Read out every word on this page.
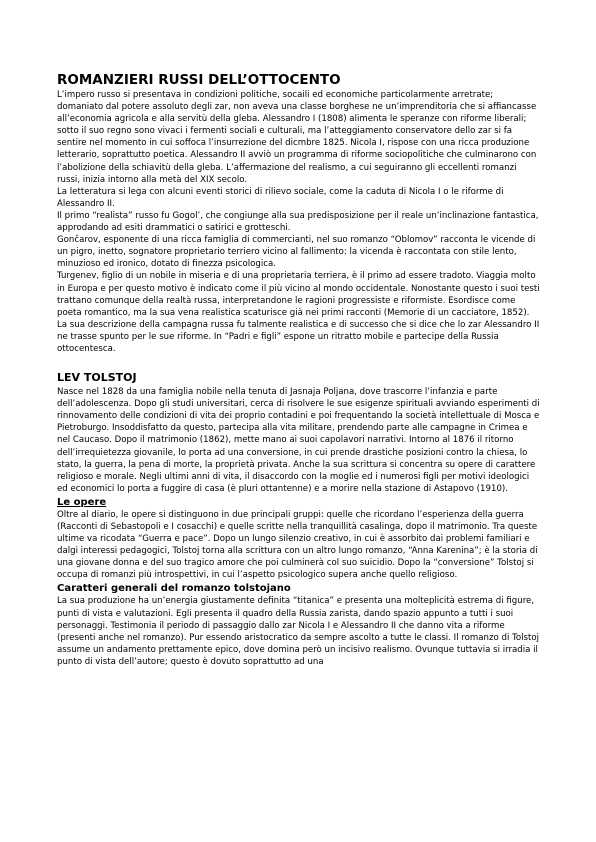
ROMANZIERI RUSSI DELL’OTTOCENTO

L’impero russo si presentava in condizioni politiche, socaili ed economiche particolarmente arretrate; domaniato dal potere assoluto degli zar, non aveva una classe borghese ne un’imprenditoria che si affiancasse all’economia agricola e alla servitù della gleba. Alessandro I (1808) alimenta le speranze con riforme liberali; sotto il suo regno sono vivaci i fermenti sociali e culturali, ma l’atteggiamento conservatore dello zar si fa sentire nel momento in cui soffoca l’insurrezione del dicmbre 1825. Nicola I, rispose con una ricca produzione letterario, soprattutto poetica. Alessandro II avviò un programma di riforme sociopolitiche che culminarono con l’abolizione della schiavitù della gleba. L’affermazione del realismo, a cui seguiranno gli eccellenti romanzi russi, inizia intorno alla metà del XIX secolo.

La letteratura si lega con alcuni eventi storici di rilievo sociale, come la caduta di Nicola I o le riforme di Alessandro II.

Il primo “realista” russo fu Gogol’, che congiunge alla sua predisposizione per il reale un’inclinazione fantastica, approdando ad esiti drammatici o satirici e grotteschi.

Gončarov, esponente di una ricca famiglia di commercianti, nel suo romanzo “Oblomov” racconta le vicende di un pigro, inetto, sognatore proprietario terriero vicino al fallimento: la vicenda è raccontata con stile lento, minuzioso ed ironico, dotato di finezza psicologica.

Turgenev, figlio di un nobile in miseria e di una proprietaria terriera, è il primo ad essere tradoto. Viaggia molto in Europa e per questo motivo è indicato come il più vicino al mondo occidentale. Nonostante questo i suoi testi trattano comunque della realtà russa, interpretandone le ragioni progressiste e riformiste. Esordisce come poeta romantico, ma la sua vena realistica scaturisce già nei primi racconti (Memorie di un cacciatore, 1852). La sua descrizione della campagna russa fu talmente realistica e di successo che si dice che lo zar Alessandro II ne trasse spunto per le sue riforme. In “Padri e figli” espone un ritratto mobile e partecipe della Russia ottocentesca.

LEV TOLSTOJ

Nasce nel 1828 da una famiglia nobile nella tenuta di Jasnaja Poljana, dove trascorre l’infanzia e parte dell’adolescenza. Dopo gli studi universitari, cerca di risolvere le sue esigenze spirituali avviando esperimenti di rinnovamento delle condizioni di vita dei proprio contadini e poi frequentando la società intellettuale di Mosca e Pietroburgo. Insoddisfatto da questo, partecipa alla vita militare, prendendo parte alle campagne in Crimea e nel Caucaso. Dopo il matrimonio (1862), mette mano ai suoi capolavori narrativi. Intorno al 1876 il ritorno dell’irrequietezza giovanile, lo porta ad una conversione, in cui prende drastiche posizioni contro la chiesa, lo stato, la guerra, la pena di morte, la proprietà privata. Anche la sua scrittura si concentra su opere di carattere religioso e morale. Negli ultimi anni di vita, il disaccordo con la moglie ed i numerosi figli per motivi ideologici ed economici lo porta a fuggire di casa (è pluri ottantenne) e a morire nella stazione di Astapovo (1910).

Le opere

Oltre al diario, le opere si distinguono in due principali gruppi: quelle che ricordano l’esperienza della guerra (Racconti di Sebastopoli e I cosacchi) e quelle scritte nella tranquillità casalinga, dopo il matrimonio. Tra queste ultime va ricodata “Guerra e pace”. Dopo un lungo silenzio creativo, in cui è assorbito dai problemi familiari e dalgi interessi pedagogici, Tolstoj torna alla scrittura con un altro lungo romanzo, “Anna Karenina”; è la storia di una giovane donna e del suo tragico amore che poi culminerà col suo suicidio. Dopo la “conversione” Tolstoj si occupa di romanzi più introspettivi, in cui l’aspetto psicologico supera anche quello religioso.

Caratteri generali del romanzo tolstojano

La sua produzione ha un’energia giustamente definita “titanica” e presenta una molteplicità estrema di figure, punti di vista e valutazioni. Egli presenta il quadro della Russia zarista, dando spazio appunto a tutti i suoi personaggi. Testimonia il periodo di passaggio dallo zar Nicola I e Alessandro II che danno vita a riforme (presenti anche nel romanzo). Pur essendo aristocratico da sempre ascolto a tutte le classi. Il romanzo di Tolstoj assume un andamento prettamente epico, dove domina però un incisivo realismo. Ovunque tuttavia si irradia il punto di vista dell’autore; questo è dovuto soprattutto ad una
